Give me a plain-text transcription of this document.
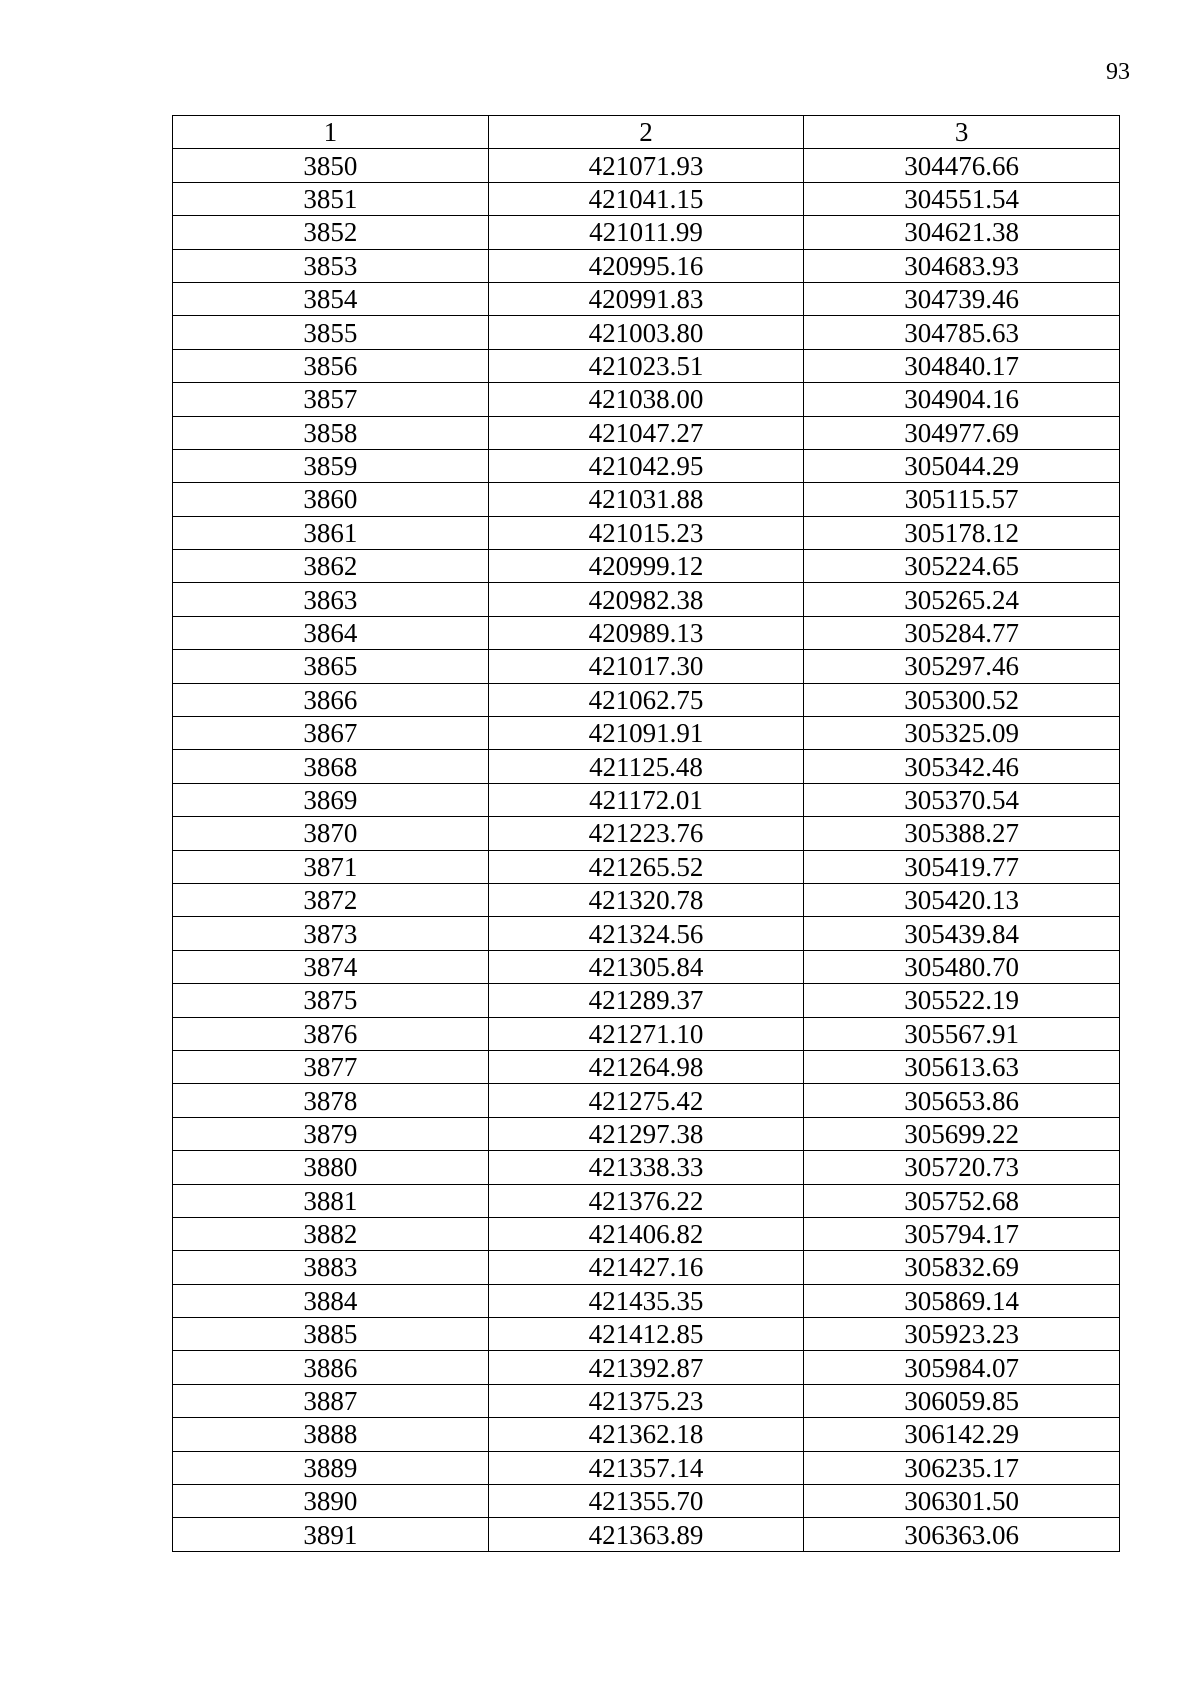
93
1	2	3
3850	421071.93	304476.66
3851	421041.15	304551.54
3852	421011.99	304621.38
3853	420995.16	304683.93
3854	420991.83	304739.46
3855	421003.80	304785.63
3856	421023.51	304840.17
3857	421038.00	304904.16
3858	421047.27	304977.69
3859	421042.95	305044.29
3860	421031.88	305115.57
3861	421015.23	305178.12
3862	420999.12	305224.65
3863	420982.38	305265.24
3864	420989.13	305284.77
3865	421017.30	305297.46
3866	421062.75	305300.52
3867	421091.91	305325.09
3868	421125.48	305342.46
3869	421172.01	305370.54
3870	421223.76	305388.27
3871	421265.52	305419.77
3872	421320.78	305420.13
3873	421324.56	305439.84
3874	421305.84	305480.70
3875	421289.37	305522.19
3876	421271.10	305567.91
3877	421264.98	305613.63
3878	421275.42	305653.86
3879	421297.38	305699.22
3880	421338.33	305720.73
3881	421376.22	305752.68
3882	421406.82	305794.17
3883	421427.16	305832.69
3884	421435.35	305869.14
3885	421412.85	305923.23
3886	421392.87	305984.07
3887	421375.23	306059.85
3888	421362.18	306142.29
3889	421357.14	306235.17
3890	421355.70	306301.50
3891	421363.89	306363.06
